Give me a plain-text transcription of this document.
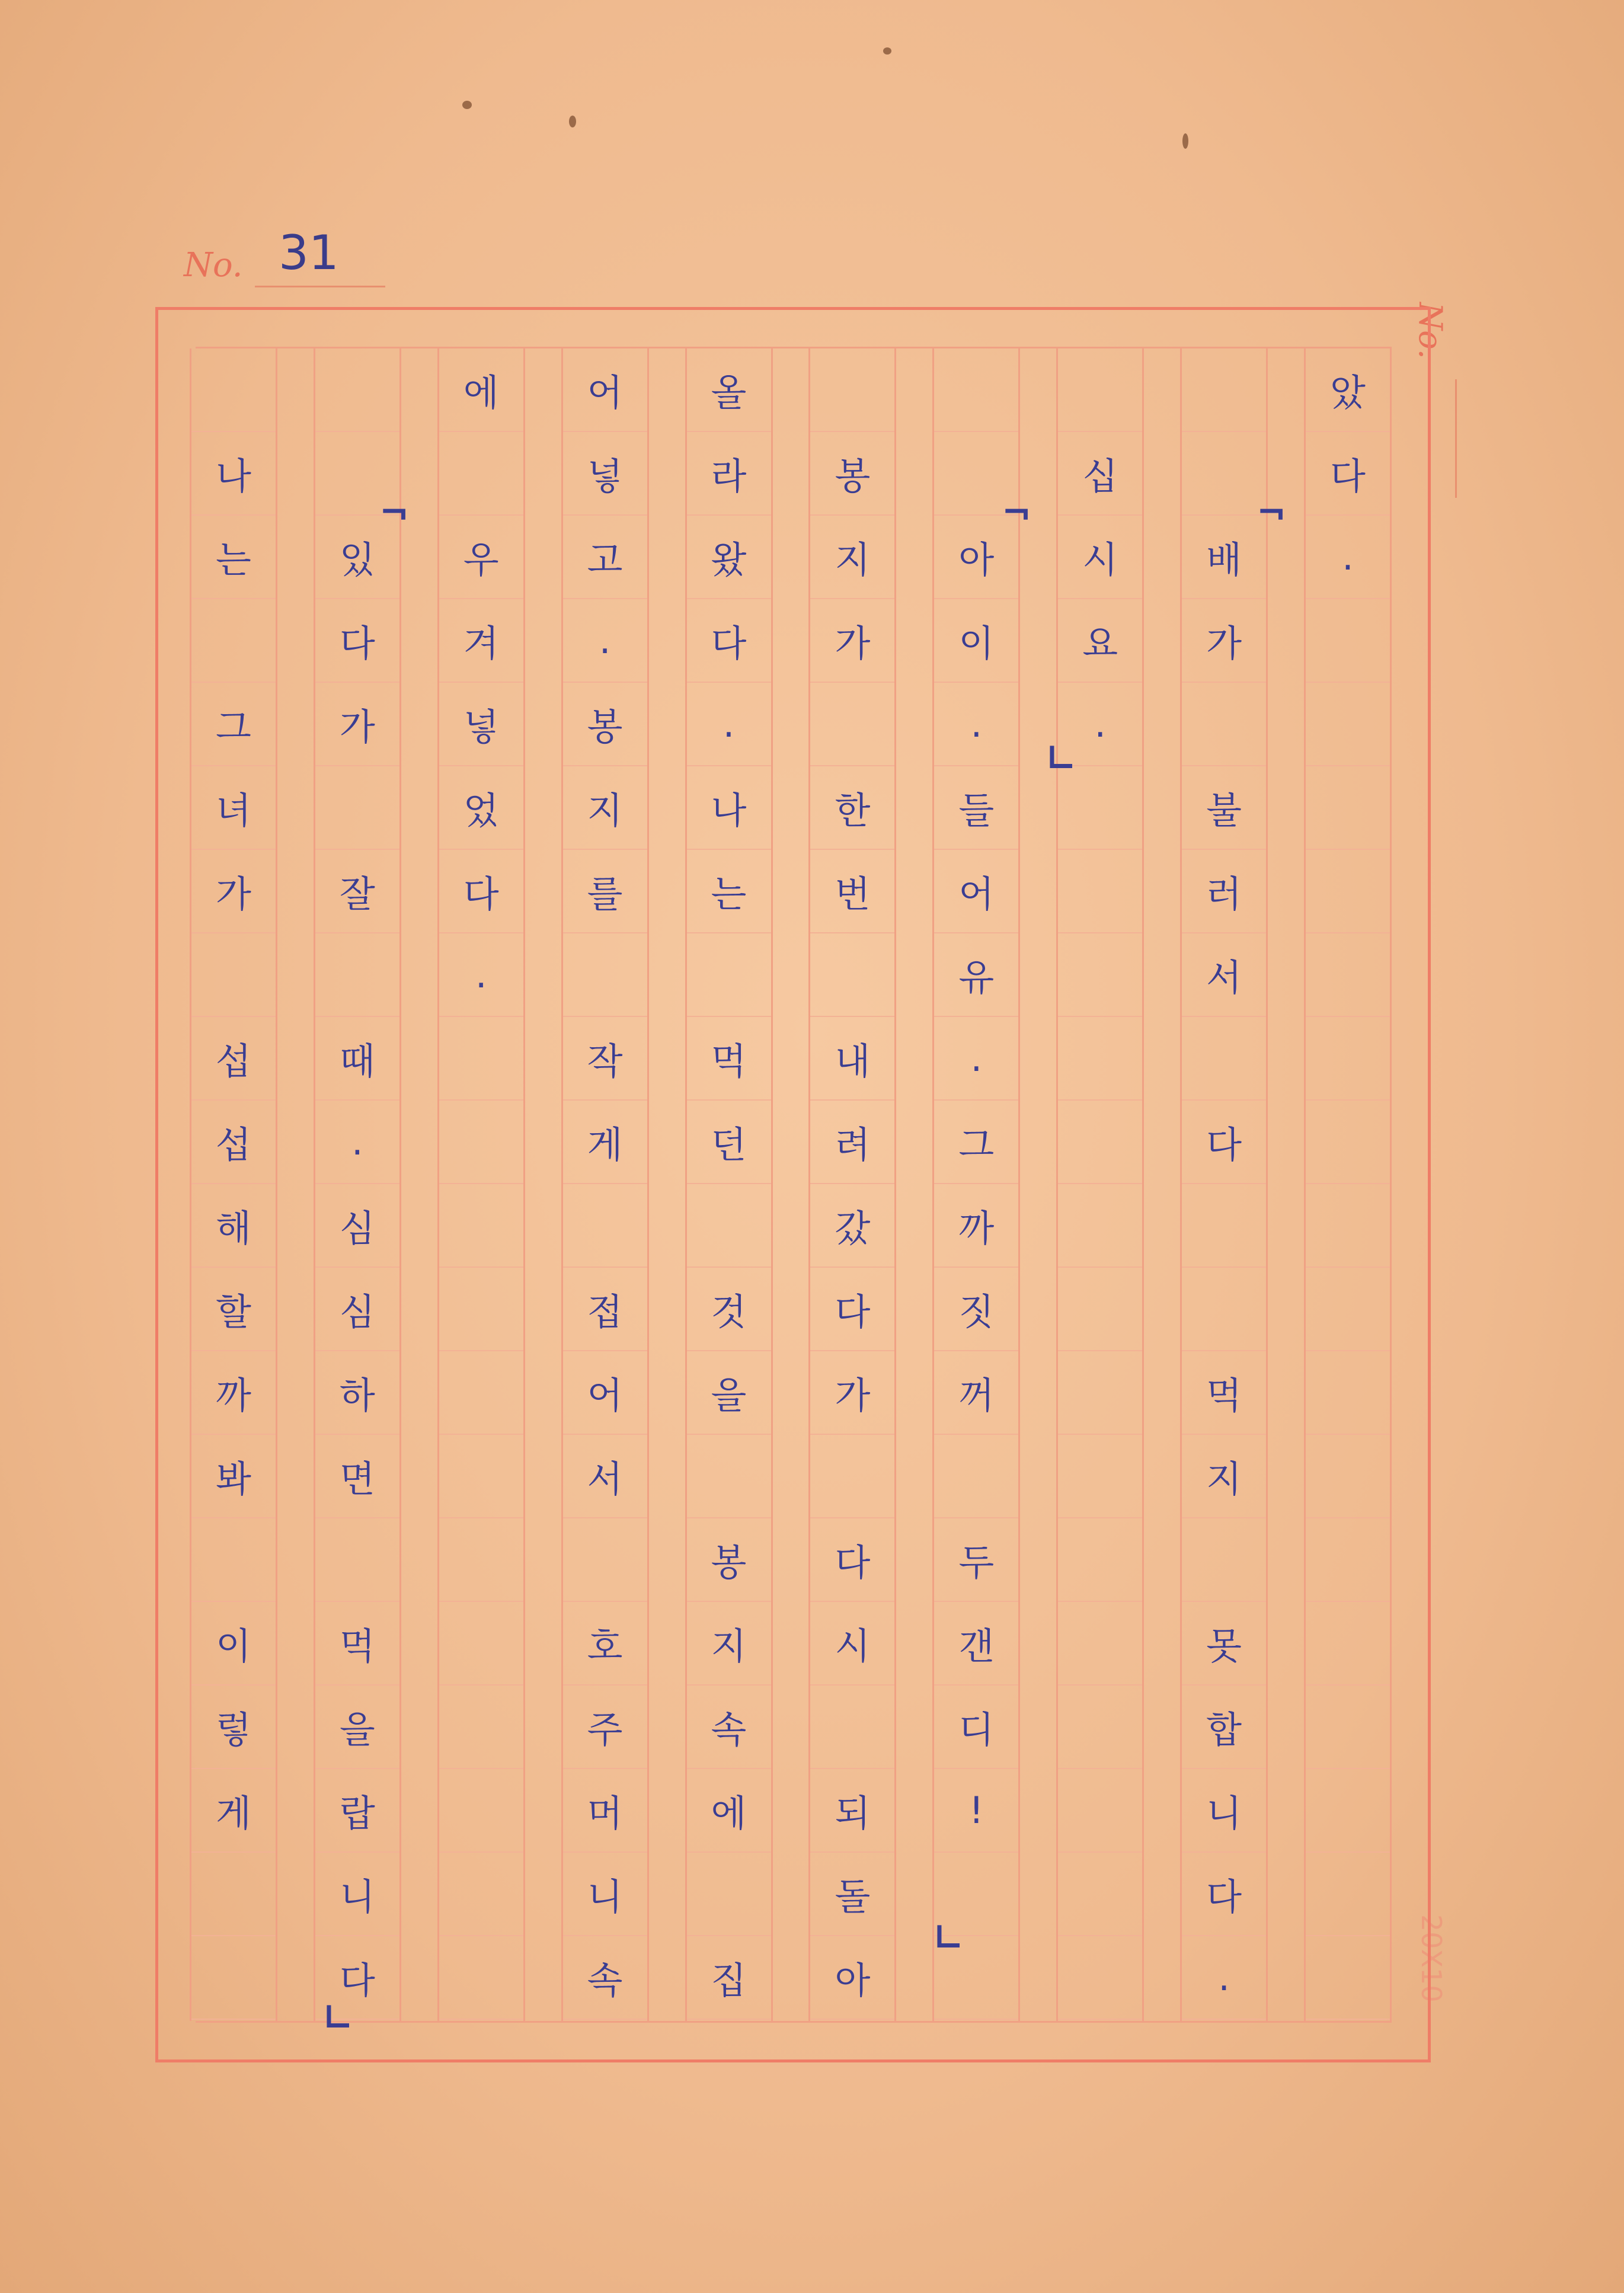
No. 31
No.
20X10
았
다
.
배
가
불
러
서
다
먹
지
못
합
니
다
.
십
시
요
.
아
이
.
들
어
유
.
그
까
짓
꺼
두
갠
디
!
봉
지
가
한
번
내
려
갔
다
가
다
시
되
돌
아
올
라
왔
다
.
나
는
먹
던
것
을
봉
지
속
에
집
어
넣
고
.
봉
지
를
작
게
접
어
서
호
주
머
니
속
에
우
겨
넣
었
다
.
있
다
가
잘
때
.
심
심
하
면
먹
을
랍
니
다
나
는
그
녀
가
섭
섭
해
할
까
봐
이
렇
게
¬
¬
¬
∟
∟
∟
